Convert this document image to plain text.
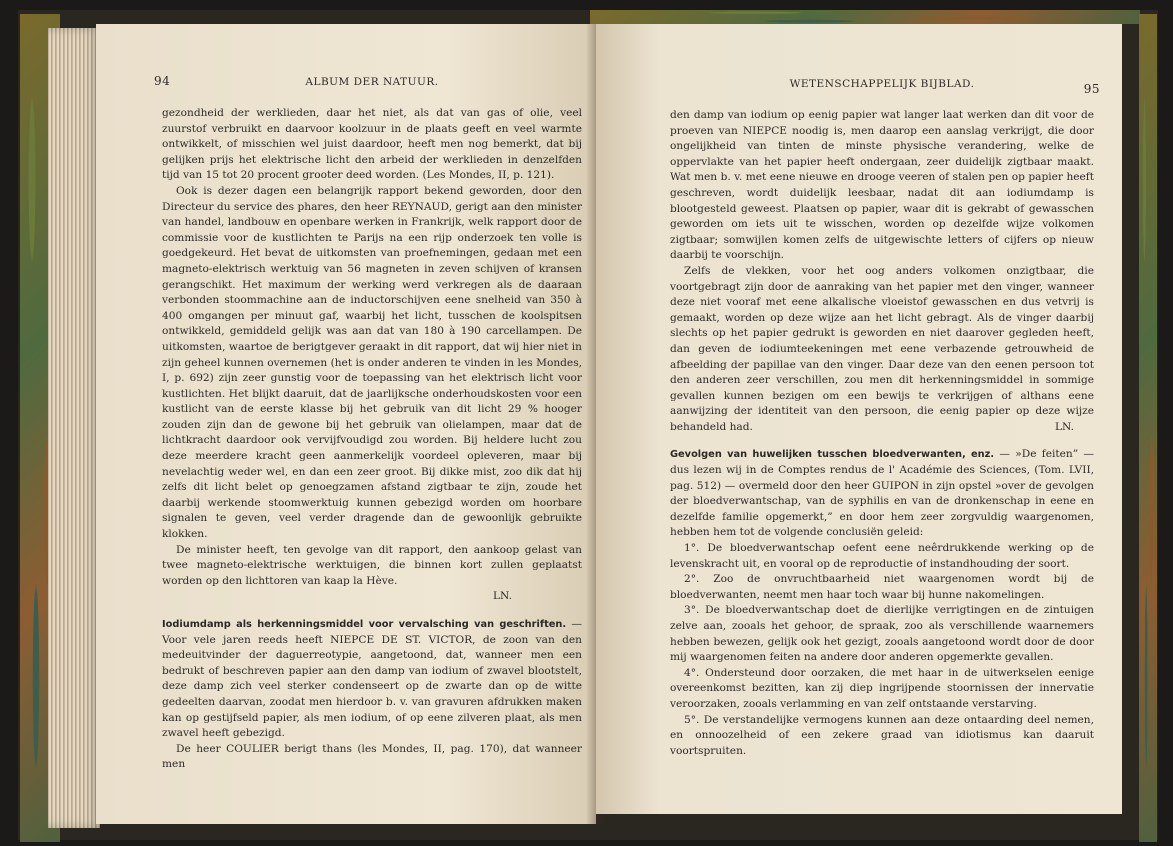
94	ALBUM DER NATUUR.

gezondheid der werklieden, daar het niet, als dat van gas of olie, veel zuurstof verbruikt en daarvoor koolzuur in de plaats geeft en veel warmte ontwikkelt, of misschien wel juist daardoor, heeft men nog bemerkt, dat bij gelijken prijs het elektrische licht den arbeid der werklieden in denzelfden tijd van 15 tot 20 procent grooter deed worden. (Les Mondes, II, p. 121).

Ook is dezer dagen een belangrijk rapport bekend geworden, door den Directeur du service des phares, den heer REYNAUD, gerigt aan den minister van handel, landbouw en openbare werken in Frankrijk, welk rapport door de commissie voor de kustlichten te Parijs na een rijp onderzoek ten volle is goedgekeurd. Het bevat de uitkomsten van proefnemingen, gedaan met een magneto-elektrisch werktuig van 56 magneten in zeven schijven of kransen gerangschikt. Het maximum der werking werd verkregen als de daaraan verbonden stoommachine aan de inductorschijven eene snelheid van 350 à 400 omgangen per minuut gaf, waarbij het licht, tusschen de koolspitsen ontwikkeld, gemiddeld gelijk was aan dat van 180 à 190 carcellampen. De uitkomsten, waartoe de berigtgever geraakt in dit rapport, dat wij hier niet in zijn geheel kunnen overnemen (het is onder anderen te vinden in les Mondes, I, p. 692) zijn zeer gunstig voor de toepassing van het elektrisch licht voor kustlichten. Het blijkt daaruit, dat de jaarlijksche onderhoudskosten voor een kustlicht van de eerste klasse bij het gebruik van dit licht 29 % hooger zouden zijn dan de gewone bij het gebruik van olielampen, maar dat de lichtkracht daardoor ook vervijfvoudigd zou worden. Bij heldere lucht zou deze meerdere kracht geen aanmerkelijk voordeel opleveren, maar bij nevelachtig weder wel, en dan een zeer groot. Bij dikke mist, zoo dik dat hij zelfs dit licht belet op genoegzamen afstand zigtbaar te zijn, zoude het daarbij werkende stoomwerktuig kunnen gebezigd worden om hoorbare signalen te geven, veel verder dragende dan de gewoonlijk gebruikte klokken.

De minister heeft, ten gevolge van dit rapport, den aankoop gelast van twee magneto-elektrische werktuigen, die binnen kort zullen geplaatst worden op den lichttoren van kaap la Hève.

LN.

Iodiumdamp als herkenningsmiddel voor vervalsching van geschriften. — Voor vele jaren reeds heeft NIEPCE DE ST. VICTOR, de zoon van den medeuitvinder der daguerreotypie, aangetoond, dat, wanneer men een bedrukt of beschreven papier aan den damp van iodium of zwavel blootstelt, deze damp zich veel sterker condenseert op de zwarte dan op de witte gedeelten daarvan, zoodat men hierdoor b. v. van gravuren afdrukken maken kan op gestijfseld papier, als men iodium, of op eene zilveren plaat, als men zwavel heeft gebezigd.

De heer COULIER berigt thans (les Mondes, II, pag. 170), dat wanneer men

WETENSCHAPPELIJK BIJBLAD.	95

den damp van iodium op eenig papier wat langer laat werken dan dit voor de proeven van NIEPCE noodig is, men daarop een aanslag verkrijgt, die door ongelijkheid van tinten de minste physische verandering, welke de oppervlakte van het papier heeft ondergaan, zeer duidelijk zigtbaar maakt. Wat men b. v. met eene nieuwe en drooge veeren of stalen pen op papier heeft geschreven, wordt duidelijk leesbaar, nadat dit aan iodiumdamp is blootgesteld geweest. Plaatsen op papier, waar dit is gekrabt of gewasschen geworden om iets uit te wisschen, worden op dezelfde wijze volkomen zigtbaar; somwijlen komen zelfs de uitgewischte letters of cijfers op nieuw daarbij te voorschijn.

Zelfs de vlekken, voor het oog anders volkomen onzigtbaar, die voortgebragt zijn door de aanraking van het papier met den vinger, wanneer deze niet vooraf met eene alkalische vloeistof gewasschen en dus vetvrij is gemaakt, worden op deze wijze aan het licht gebragt. Als de vinger daarbij slechts op het papier gedrukt is geworden en niet daarover gegleden heeft, dan geven de iodiumteekeningen met eene verbazende getrouwheid de afbeelding der papillae van den vinger. Daar deze van den eenen persoon tot den anderen zeer verschillen, zou men dit herkenningsmiddel in sommige gevallen kunnen bezigen om een bewijs te verkrijgen of althans eene aanwijzing der identiteit van den persoon, die eenig papier op deze wijze behandeld had.	LN.

Gevolgen van huwelijken tusschen bloedverwanten, enz. — »De feiten” — dus lezen wij in de Comptes rendus de l' Académie des Sciences, (Tom. LVII, pag. 512) — overmeld door den heer GUIPON in zijn opstel »over de gevolgen der bloedverwantschap, van de syphilis en van de dronkenschap in eene en dezelfde familie opgemerkt,” en door hem zeer zorgvuldig waargenomen, hebben hem tot de volgende conclusiën geleid:

1°. De bloedverwantschap oefent eene neêrdrukkende werking op de levenskracht uit, en vooral op de reproductie of instandhouding der soort.

2°. Zoo de onvruchtbaarheid niet waargenomen wordt bij de bloedverwanten, neemt men haar toch waar bij hunne nakomelingen.

3°. De bloedverwantschap doet de dierlijke verrigtingen en de zintuigen zelve aan, zooals het gehoor, de spraak, zoo als verschillende waarnemers hebben bewezen, gelijk ook het gezigt, zooals aangetoond wordt door de door mij waargenomen feiten na andere door anderen opgemerkte gevallen.

4°. Ondersteund door oorzaken, die met haar in de uitwerkselen eenige overeenkomst bezitten, kan zij diep ingrijpende stoornissen der innervatie veroorzaken, zooals verlamming en van zelf ontstaande verstarving.

5°. De verstandelijke vermogens kunnen aan deze ontaarding deel nemen, en onnoozelheid of een zekere graad van idiotismus kan daaruit voortspruiten.
